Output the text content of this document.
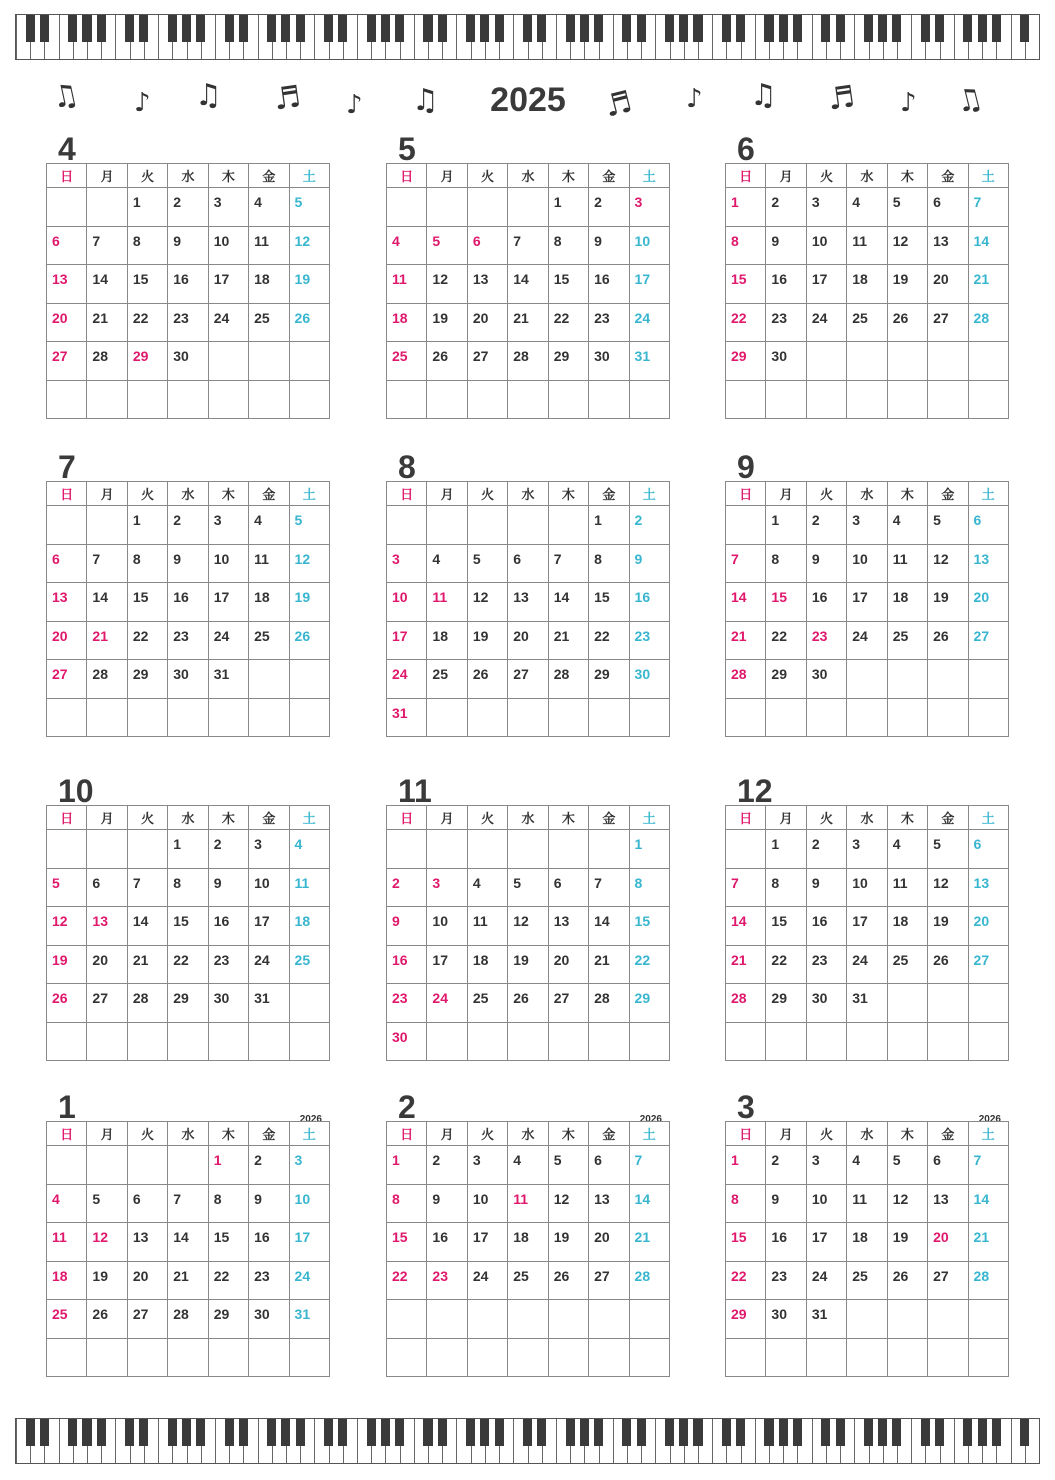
♫ ♪ ♫ ♬ ♪ ♫	2025	♬ ♪ ♫ ♬ ♪ ♫
4
日	月	火	水	木	金	土
		1	2	3	4	5
6	7	8	9	10	11	12
13	14	15	16	17	18	19
20	21	22	23	24	25	26
27	28	29	30			

5
日	月	火	水	木	金	土
				1	2	3
4	5	6	7	8	9	10
11	12	13	14	15	16	17
18	19	20	21	22	23	24
25	26	27	28	29	30	31

6
日	月	火	水	木	金	土
1	2	3	4	5	6	7
8	9	10	11	12	13	14
15	16	17	18	19	20	21
22	23	24	25	26	27	28
29	30					

7
日	月	火	水	木	金	土
		1	2	3	4	5
6	7	8	9	10	11	12
13	14	15	16	17	18	19
20	21	22	23	24	25	26
27	28	29	30	31		

8
日	月	火	水	木	金	土
					1	2
3	4	5	6	7	8	9
10	11	12	13	14	15	16
17	18	19	20	21	22	23
24	25	26	27	28	29	30
31						
9
日	月	火	水	木	金	土
	1	2	3	4	5	6
7	8	9	10	11	12	13
14	15	16	17	18	19	20
21	22	23	24	25	26	27
28	29	30				

10
日	月	火	水	木	金	土
			1	2	3	4
5	6	7	8	9	10	11
12	13	14	15	16	17	18
19	20	21	22	23	24	25
26	27	28	29	30	31	

11
日	月	火	水	木	金	土
						1
2	3	4	5	6	7	8
9	10	11	12	13	14	15
16	17	18	19	20	21	22
23	24	25	26	27	28	29
30						
12
日	月	火	水	木	金	土
	1	2	3	4	5	6
7	8	9	10	11	12	13
14	15	16	17	18	19	20
21	22	23	24	25	26	27
28	29	30	31			

1	2026
日	月	火	水	木	金	土
				1	2	3
4	5	6	7	8	9	10
11	12	13	14	15	16	17
18	19	20	21	22	23	24
25	26	27	28	29	30	31

2	2026
日	月	火	水	木	金	土
1	2	3	4	5	6	7
8	9	10	11	12	13	14
15	16	17	18	19	20	21
22	23	24	25	26	27	28

3	2026
日	月	火	水	木	金	土
1	2	3	4	5	6	7
8	9	10	11	12	13	14
15	16	17	18	19	20	21
22	23	24	25	26	27	28
29	30	31				
